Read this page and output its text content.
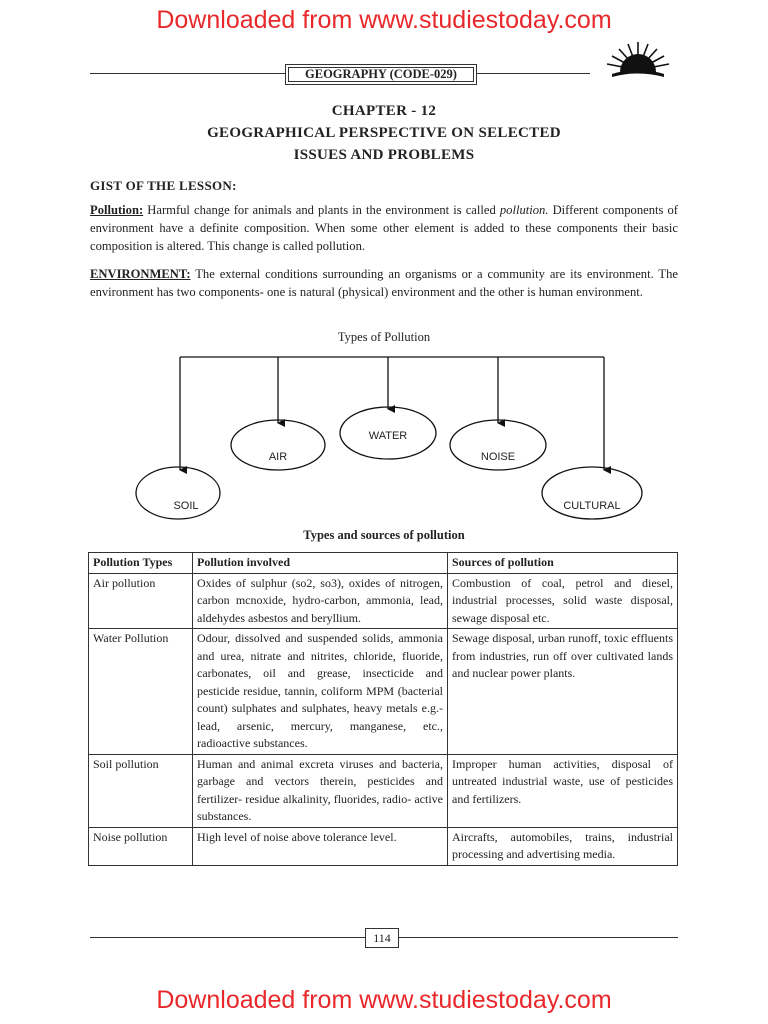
Downloaded from www.studiestoday.com
GEOGRAPHY (CODE-029)
CHAPTER - 12
GEOGRAPHICAL PERSPECTIVE ON SELECTED
ISSUES AND PROBLEMS
GIST OF THE LESSON:
Pollution: Harmful change for animals and plants in the environment is called pollution. Different components of environment have a definite composition. When some other element is added to these components their basic composition is altered. This change is called pollution.
ENVIRONMENT: The external conditions surrounding an organisms or a community are its environment. The environment has two components- one is natural (physical) environment and the other is human environment.
Types of Pollution
SOIL
AIR
WATER
NOISE
CULTURAL
Types and sources of pollution
Pollution Types	Pollution involved	Sources of pollution
Air pollution	Oxides of sulphur (so2, so3), oxides of nitrogen, carbon mcnoxide, hydro-carbon, ammonia, lead, aldehydes asbestos and beryllium.	Combustion of coal, petrol and diesel, industrial processes, solid waste disposal, sewage disposal etc.
Water Pollution	Odour, dissolved and suspended solids, ammonia and urea, nitrate and nitrites, chloride, fluoride, carbonates, oil and grease, insecticide and pesticide residue, tannin, coliform MPM (bacterial count) sulphates and sulphates, heavy metals e.g.- lead, arsenic, mercury, manganese, etc., radioactive substances.	Sewage disposal, urban runoff, toxic effluents from industries, run off over cultivated lands and nuclear power plants.
Soil pollution	Human and animal excreta viruses and bacteria, garbage and vectors therein, pesticides and fertilizer- residue alkalinity, fluorides, radio- active substances.	Improper human activities, disposal of untreated industrial waste, use of pesticides and fertilizers.
Noise pollution	High level of noise above tolerance level.	Aircrafts, automobiles, trains, industrial processing and advertising media.
114
Downloaded from www.studiestoday.com
